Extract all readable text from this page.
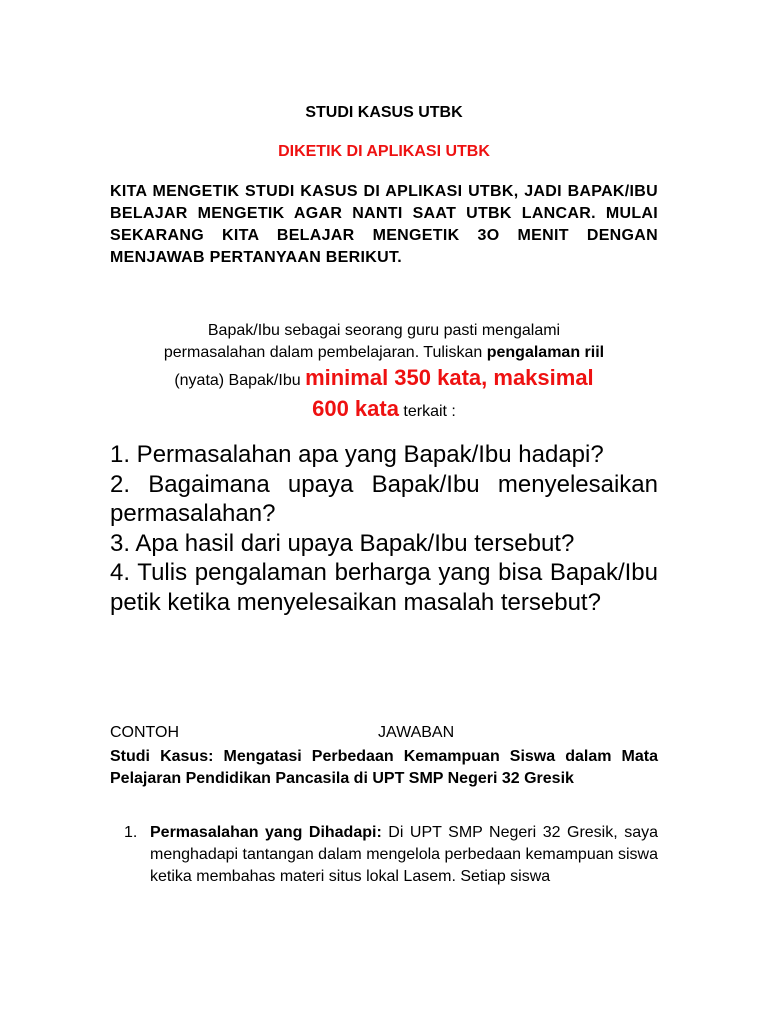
STUDI KASUS UTBK
DIKETIK DI APLIKASI UTBK
KITA MENGETIK STUDI KASUS DI APLIKASI UTBK, JADI BAPAK/IBU BELAJAR MENGETIK AGAR NANTI SAAT UTBK LANCAR. MULAI SEKARANG KITA BELAJAR MENGETIK 3O MENIT DENGAN MENJAWAB PERTANYAAN BERIKUT.
Bapak/Ibu sebagai seorang guru pasti mengalami
permasalahan dalam pembelajaran. Tuliskan pengalaman riil
(nyata) Bapak/Ibu minimal 350 kata, maksimal
600 kata terkait :
1. Permasalahan apa yang Bapak/Ibu hadapi?
2. Bagaimana upaya Bapak/Ibu menyelesaikan permasalahan?
3. Apa hasil dari upaya Bapak/Ibu tersebut?
4. Tulis pengalaman berharga yang bisa Bapak/Ibu petik ketika menyelesaikan masalah tersebut?
CONTOH	JAWABAN
Studi Kasus: Mengatasi Perbedaan Kemampuan Siswa dalam Mata Pelajaran Pendidikan Pancasila di UPT SMP Negeri 32 Gresik
1. Permasalahan yang Dihadapi: Di UPT SMP Negeri 32 Gresik, saya menghadapi tantangan dalam mengelola perbedaan kemampuan siswa ketika membahas materi situs lokal Lasem. Setiap siswa
